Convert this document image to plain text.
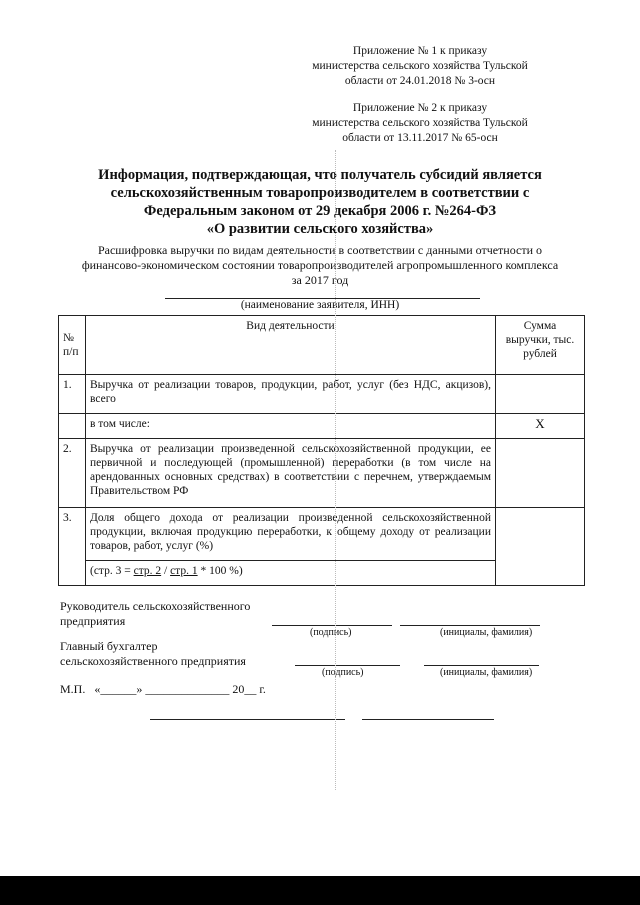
Приложение № 1 к приказу
министерства сельского хозяйства Тульской
области от 24.01.2018 № 3-осн
Приложение № 2 к приказу
министерства сельского хозяйства Тульской
области от 13.11.2017 № 65-осн
Информация, подтверждающая, что получатель субсидий является
сельскохозяйственным товаропроизводителем в соответствии с
Федеральным законом от 29 декабря 2006 г. №264-ФЗ
«О развитии сельского хозяйства»
Расшифровка выручки по видам деятельности в соответствии с данными отчетности о
финансово-экономическом состоянии товаропроизводителей агропромышленного комплекса
за 2017 год
(наименование заявителя, ИНН)
№ п/п	Вид деятельности	Сумма выручки, тыс. рублей
1.	Выручка от реализации товаров, продукции, работ, услуг (без НДС, акцизов), всего	
	в том числе:	X
2.	Выручка от реализации произведенной сельскохозяйственной продукции, ее первичной и последующей (промышленной) переработки (в том числе на арендованных основных средствах) в соответствии с перечнем, утверждаемым Правительством РФ	
3.	Доля общего дохода от реализации произведенной сельскохозяйственной продукции, включая продукцию переработки, к общему доходу от реализации товаров, работ, услуг (%)	
	(стр. 3 = стр. 2 / стр. 1 * 100 %)	
Руководитель сельскохозяйственного
предприятия
(подпись)	(инициалы, фамилия)
Главный бухгалтер
сельскохозяйственного предприятия
(подпись)	(инициалы, фамилия)
М.П.   «______» ______________ 20__ г.
